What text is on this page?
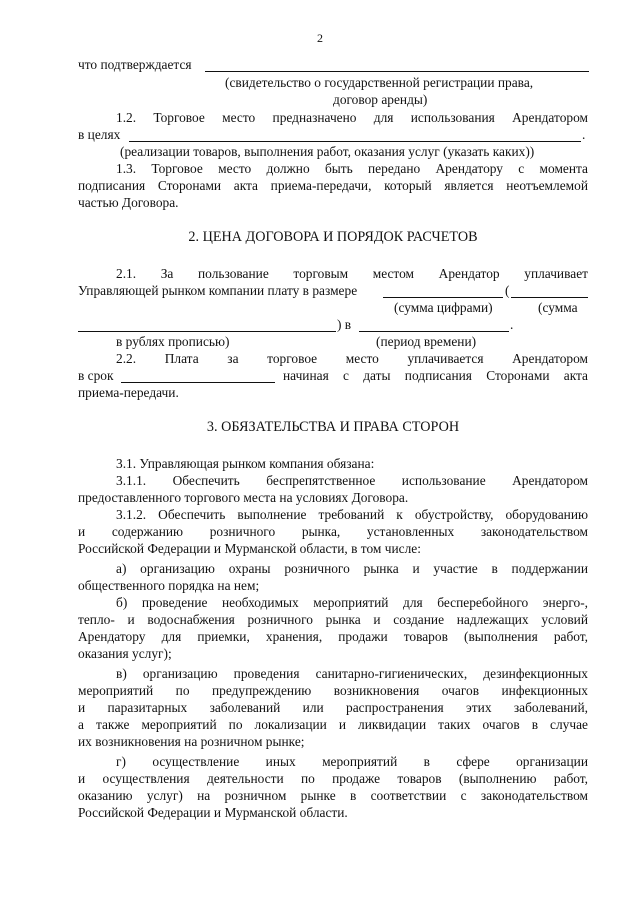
2
что подтверждается
(свидетельство о государственной регистрации права,
договор аренды)
1.2. Торговое место предназначено для использования Арендатором
в целях	.
(реализации товаров, выполнения работ, оказания услуг (указать каких))
1.3. Торговое место должно быть передано Арендатору с момента
подписания Сторонами акта приема-передачи, который является неотъемлемой
частью Договора.
2. ЦЕНА ДОГОВОРА И ПОРЯДОК РАСЧЕТОВ
2.1. За пользование торговым местом Арендатор уплачивает
Управляющей рынком компании плату в размере	(
(сумма цифрами)	(сумма
) в	.
в рублях прописью)	(период времени)
2.2. Плата за торговое место уплачивается Арендатором
в срок	начиная с даты подписания Сторонами акта
приема-передачи.
3. ОБЯЗАТЕЛЬСТВА И ПРАВА СТОРОН
3.1. Управляющая рынком компания обязана:
3.1.1. Обеспечить беспрепятственное использование Арендатором
предоставленного торгового места на условиях Договора.
3.1.2. Обеспечить выполнение требований к обустройству, оборудованию
и содержанию розничного рынка, установленных законодательством
Российской Федерации и Мурманской области, в том числе:
а) организацию охраны розничного рынка и участие в поддержании
общественного порядка на нем;
б) проведение необходимых мероприятий для бесперебойного энерго-,
тепло- и водоснабжения розничного рынка и создание надлежащих условий
Арендатору для приемки, хранения, продажи товаров (выполнения работ,
оказания услуг);
в) организацию проведения санитарно-гигиенических, дезинфекционных
мероприятий по предупреждению возникновения очагов инфекционных
и паразитарных заболеваний или распространения этих заболеваний,
а также мероприятий по локализации и ликвидации таких очагов в случае
их возникновения на розничном рынке;
г) осуществление иных мероприятий в сфере организации
и осуществления деятельности по продаже товаров (выполнению работ,
оказанию услуг) на розничном рынке в соответствии с законодательством
Российской Федерации и Мурманской области.
